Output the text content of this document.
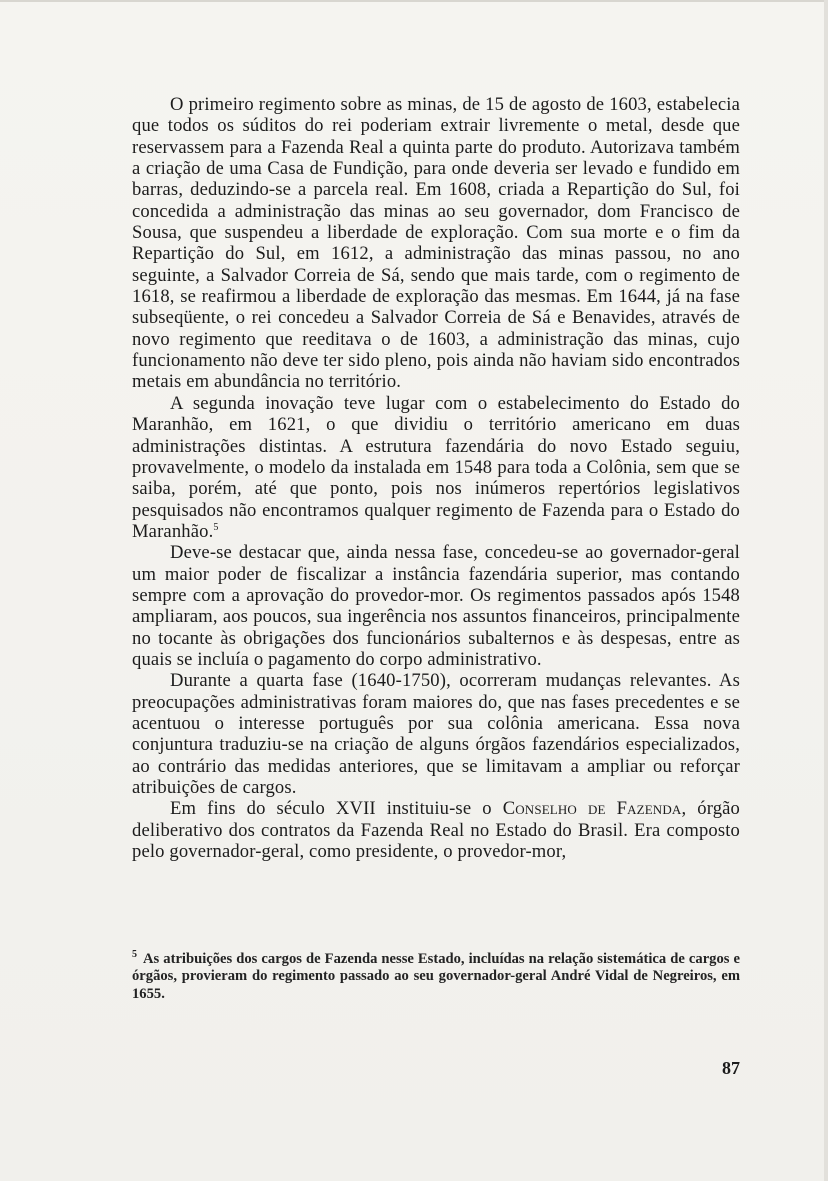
O primeiro regimento sobre as minas, de 15 de agosto de 1603, estabelecia que todos os súditos do rei poderiam extrair livremente o metal, desde que reservassem para a Fazenda Real a quinta parte do produto. Autorizava também a criação de uma Casa de Fundição, para onde deveria ser levado e fundido em barras, deduzindo-se a parcela real. Em 1608, criada a Repartição do Sul, foi concedida a administração das minas ao seu governador, dom Francisco de Sousa, que suspendeu a liberdade de exploração. Com sua morte e o fim da Repartição do Sul, em 1612, a administração das minas passou, no ano seguinte, a Salvador Correia de Sá, sendo que mais tarde, com o regimento de 1618, se reafirmou a liberdade de exploração das mesmas. Em 1644, já na fase subseqüente, o rei concedeu a Salvador Correia de Sá e Benavides, através de novo regimento que reeditava o de 1603, a administração das minas, cujo funcionamento não deve ter sido pleno, pois ainda não haviam sido encontrados metais em abundância no território.

A segunda inovação teve lugar com o estabelecimento do Estado do Maranhão, em 1621, o que dividiu o território americano em duas administrações distintas. A estrutura fazendária do novo Estado seguiu, provavelmente, o modelo da instalada em 1548 para toda a Colônia, sem que se saiba, porém, até que ponto, pois nos inúmeros repertórios legislativos pesquisados não encontramos qualquer regimento de Fazenda para o Estado do Maranhão.$^5$

Deve-se destacar que, ainda nessa fase, concedeu-se ao governador-geral um maior poder de fiscalizar a instância fazendária superior, mas contando sempre com a aprovação do provedor-mor. Os regimentos passados após 1548 ampliaram, aos poucos, sua ingerência nos assuntos financeiros, principalmente no tocante às obrigações dos funcionários subalternos e às despesas, entre as quais se incluía o pagamento do corpo administrativo.

Durante a quarta fase (1640-1750), ocorreram mudanças relevantes. As preocupações administrativas foram maiores do, que nas fases precedentes e se acentuou o interesse português por sua colônia americana. Essa nova conjuntura traduziu-se na criação de alguns órgãos fazendários especializados, ao contrário das medidas anteriores, que se limitavam a ampliar ou reforçar atribuições de cargos.

Em fins do século XVII instituiu-se o Conselho de Fazenda, órgão deliberativo dos contratos da Fazenda Real no Estado do Brasil. Era composto pelo governador-geral, como presidente, o provedor-mor,

$^5$ As atribuições dos cargos de Fazenda nesse Estado, incluídas na relação sistemática de cargos e órgãos, provieram do regimento passado ao seu governador-geral André Vidal de Negreiros, em 1655.
87
